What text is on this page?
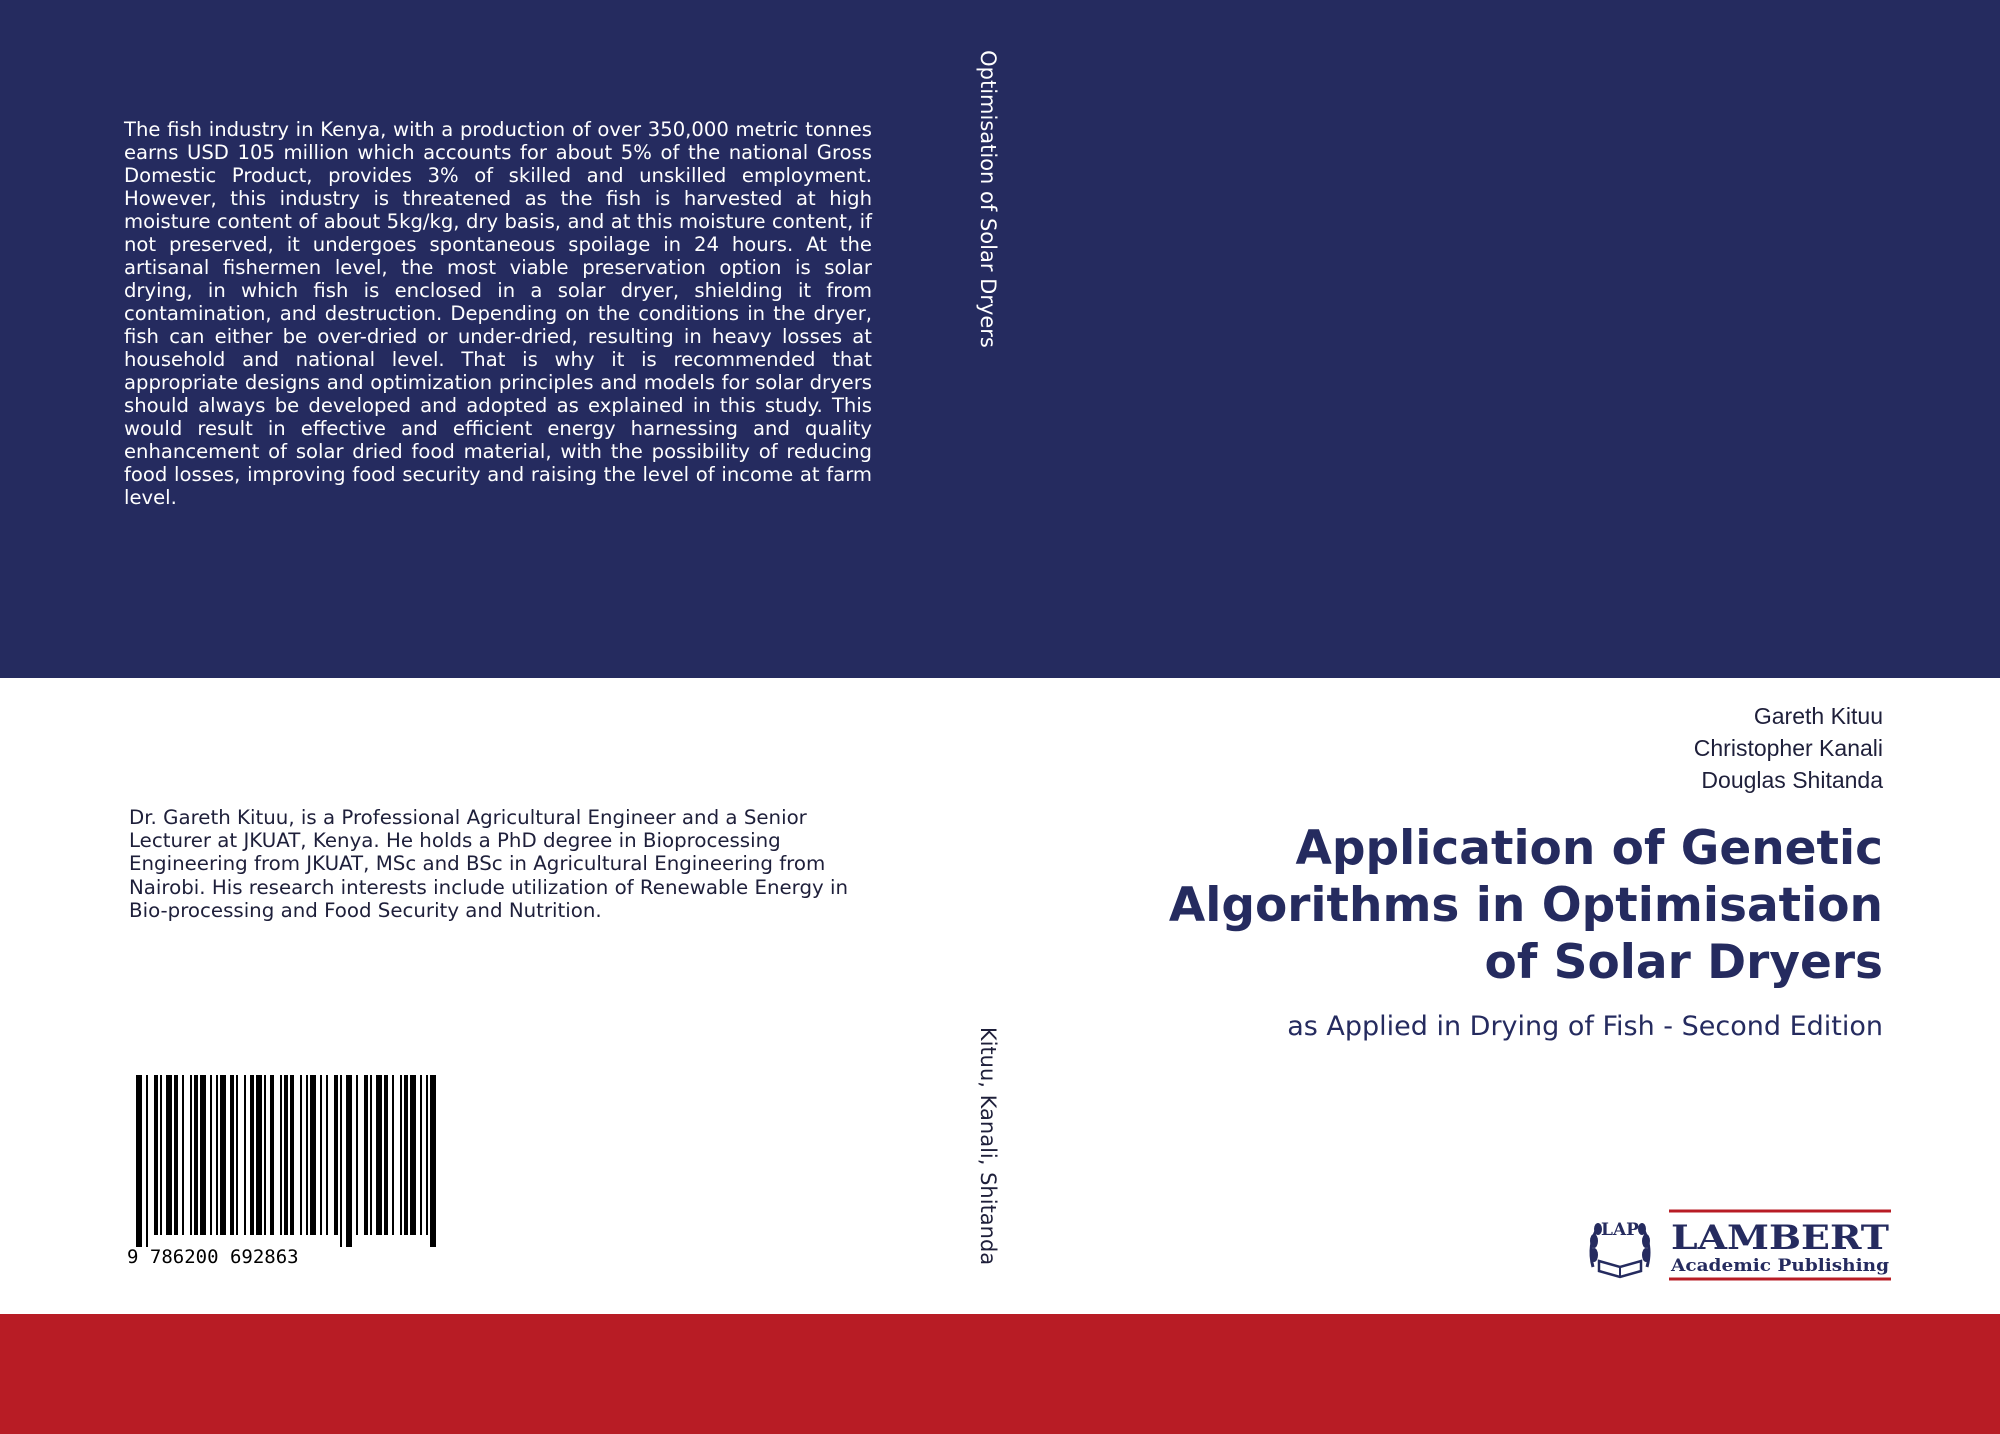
The fish industry in Kenya, with a production of over 350,000 metric tonnes earns USD 105 million which accounts for about 5% of the national Gross Domestic Product, provides 3% of skilled and unskilled employment. However, this industry is threatened as the fish is harvested at high moisture content of about 5kg/kg, dry basis, and at this moisture content, if not preserved, it undergoes spontaneous spoilage in 24 hours. At the artisanal fishermen level, the most viable preservation option is solar drying, in which fish is enclosed in a solar dryer, shielding it from contamination, and destruction. Depending on the conditions in the dryer, fish can either be over-dried or under-dried, resulting in heavy losses at household and national level. That is why it is recommended that appropriate designs and optimization principles and models for solar dryers should always be developed and adopted as explained in this study. This would result in effective and efficient energy harnessing and quality enhancement of solar dried food material, with the possibility of reducing food losses, improving food security and raising the level of income at farm level.

Optimisation of Solar Dryers
Kituu, Kanali, Shitanda
Gareth Kituu
Christopher Kanali
Douglas Shitanda
Application of Genetic
Algorithms in Optimisation
of Solar Dryers

as Applied in Drying of Fish - Second Edition

Dr. Gareth Kituu, is a Professional Agricultural Engineer and a Senior Lecturer at JKUAT, Kenya. He holds a PhD degree in Bioprocessing Engineering from JKUAT, MSc and BSc in Agricultural Engineering from Nairobi. His research interests include utilization of Renewable Energy in Bio-processing and Food Security and Nutrition.

9 786200 692863
LAP LAMBERT
Academic Publishing
